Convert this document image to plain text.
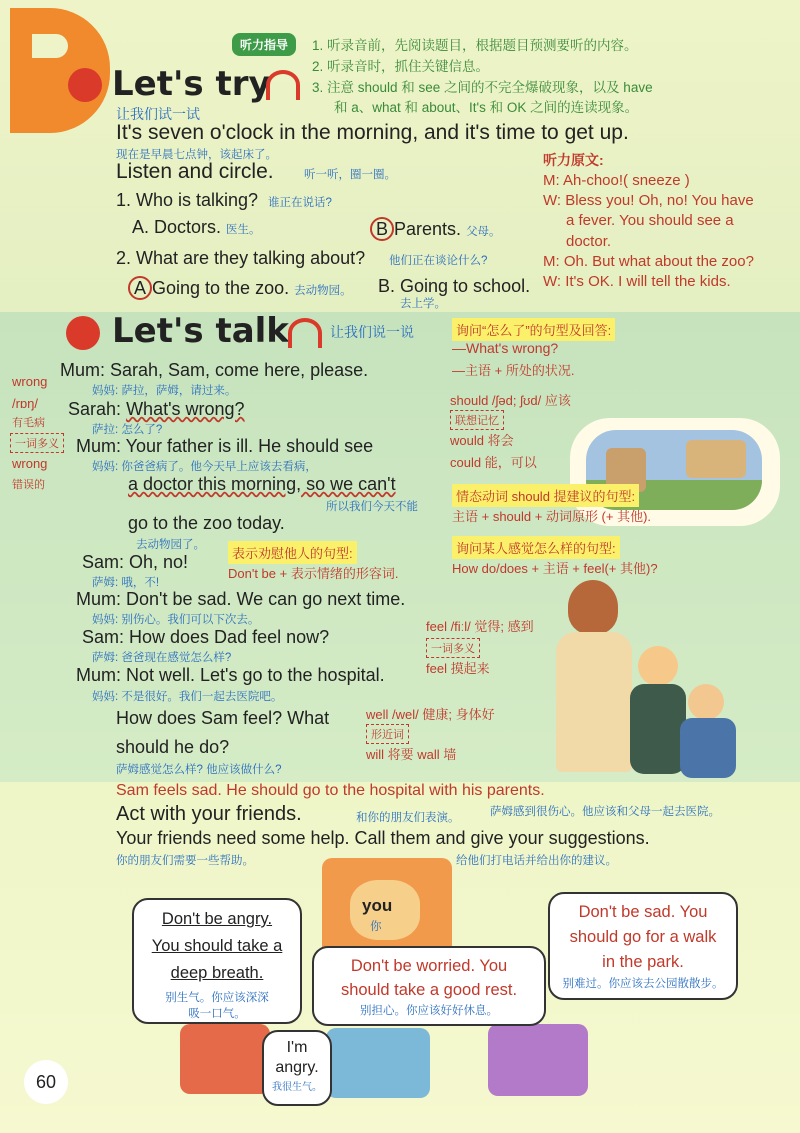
听力指导	1. 听录音前，先阅读题目，根据题目预测要听的内容。
2. 听录音时，抓住关键信息。
3. 注意 should 和 see 之间的不完全爆破现象，以及 have
和 a、what 和 about、It's 和 OK 之间的连读现象。
Let's try
让我们试一试
It's seven o'clock in the morning, and it's time to get up.
现在是早晨七点钟，该起床了。
Listen and circle.	听一听，圈一圈。
1. Who is talking? 谁正在说话?
A. Doctors. 医生。	B Parents. 父母。
2. What are they talking about? 他们正在谈论什么?
A Going to the zoo. 去动物园。 B. Going to school.
去上学。
听力原文:
M: Ah-choo!( sneeze )
W: Bless you! Oh, no! You have
a fever. You should see a
doctor.
M: Oh. But what about the zoo?
W: It's OK. I will tell the kids.
Let's talk	让我们说一说	询问“怎么了”的句型及回答:
—What's wrong?
—主语 + 所处的状况.
Mum: Sarah, Sam, come here, please.
妈妈: 萨拉，萨姆，请过来。
Sarah: What's wrong?
萨拉: 怎么了?
Mum: Your father is ill. He should see
妈妈: 你爸爸病了。他今天早上应该去看病，
a doctor this morning, so we can't
所以我们今天不能
go to the zoo today.
去动物园了。
Sam: Oh, no!
萨姆: 哦，不!
Mum: Don't be sad. We can go next time.
妈妈: 别伤心。我们可以下次去。
Sam: How does Dad feel now?
萨姆: 爸爸现在感觉怎么样?
Mum: Not well. Let's go to the hospital.
妈妈: 不是很好。我们一起去医院吧。
How does Sam feel? What
should he do?
萨姆感觉怎么样? 他应该做什么?
Sam feels sad. He should go to the hospital with his parents.
萨姆感到很伤心。他应该和父母一起去医院。
wrong
/rɒŋ/
有毛病
一词多义
wrong
错误的
should /ʃəd; ʃʊd/ 应该
联想记忆
would 将会
could 能，可以
情态动词 should 提建议的句型:
主语 + should + 动词原形 (+ 其他).
询问某人感觉怎么样的句型:
How do/does + 主语 + feel(+ 其他)?
表示劝慰他人的句型:
Don't be + 表示情绪的形容词.
feel /fiːl/ 觉得; 感到
一词多义
feel 摸起来
well /wel/ 健康; 身体好
形近词
will 将要 wall 墙
Act with your friends.	和你的朋友们表演。
Your friends need some help. Call them and give your suggestions.
你的朋友们需要一些帮助。	给他们打电话并给出你的建议。
you
你
Don't be angry.
You should take a
deep breath.
别生气。你应该深深
吸一口气。
Don't be worried. You
should take a good rest.
别担心。你应该好好休息。
Don't be sad. You
should go for a walk
in the park.
别难过。你应该去公园散散步。
I'm
angry.
我很生气。
60
